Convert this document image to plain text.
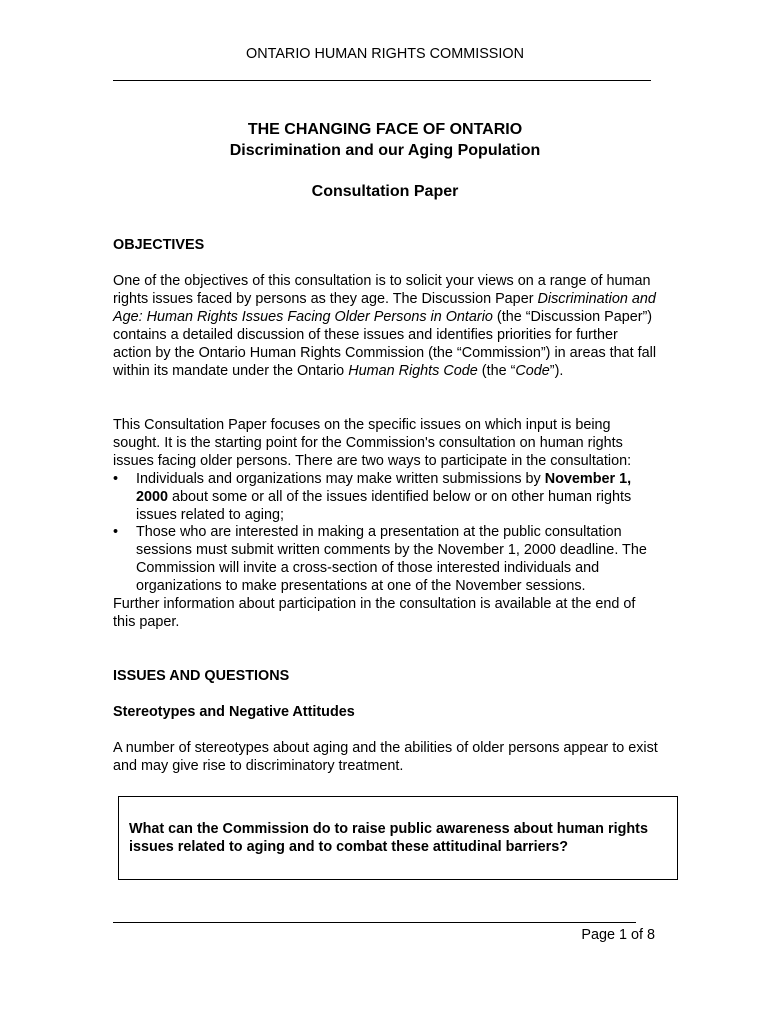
ONTARIO HUMAN RIGHTS COMMISSION
THE CHANGING FACE OF ONTARIO
Discrimination and our Aging Population
Consultation Paper
OBJECTIVES

One of the objectives of this consultation is to solicit your views on a range of human rights issues faced by persons as they age. The Discussion Paper Discrimination and Age: Human Rights Issues Facing Older Persons in Ontario (the “Discussion Paper”) contains a detailed discussion of these issues and identifies priorities for further action by the Ontario Human Rights Commission (the “Commission”) in areas that fall within its mandate under the Ontario Human Rights Code (the “Code”).

This Consultation Paper focuses on the specific issues on which input is being sought. It is the starting point for the Commission's consultation on human rights issues facing older persons. There are two ways to participate in the consultation:

•	Individuals and organizations may make written submissions by November 1, 2000 about some or all of the issues identified below or on other human rights issues related to aging;
•	Those who are interested in making a presentation at the public consultation sessions must submit written comments by the November 1, 2000 deadline. The Commission will invite a cross-section of those interested individuals and organizations to make presentations at one of the November sessions.

Further information about participation in the consultation is available at the end of this paper.

ISSUES AND QUESTIONS
Stereotypes and Negative Attitudes
A number of stereotypes about aging and the abilities of older persons appear to exist and may give rise to discriminatory treatment.
What can the Commission do to raise public awareness about human rights issues related to aging and to combat these attitudinal barriers?
Page 1 of 8
